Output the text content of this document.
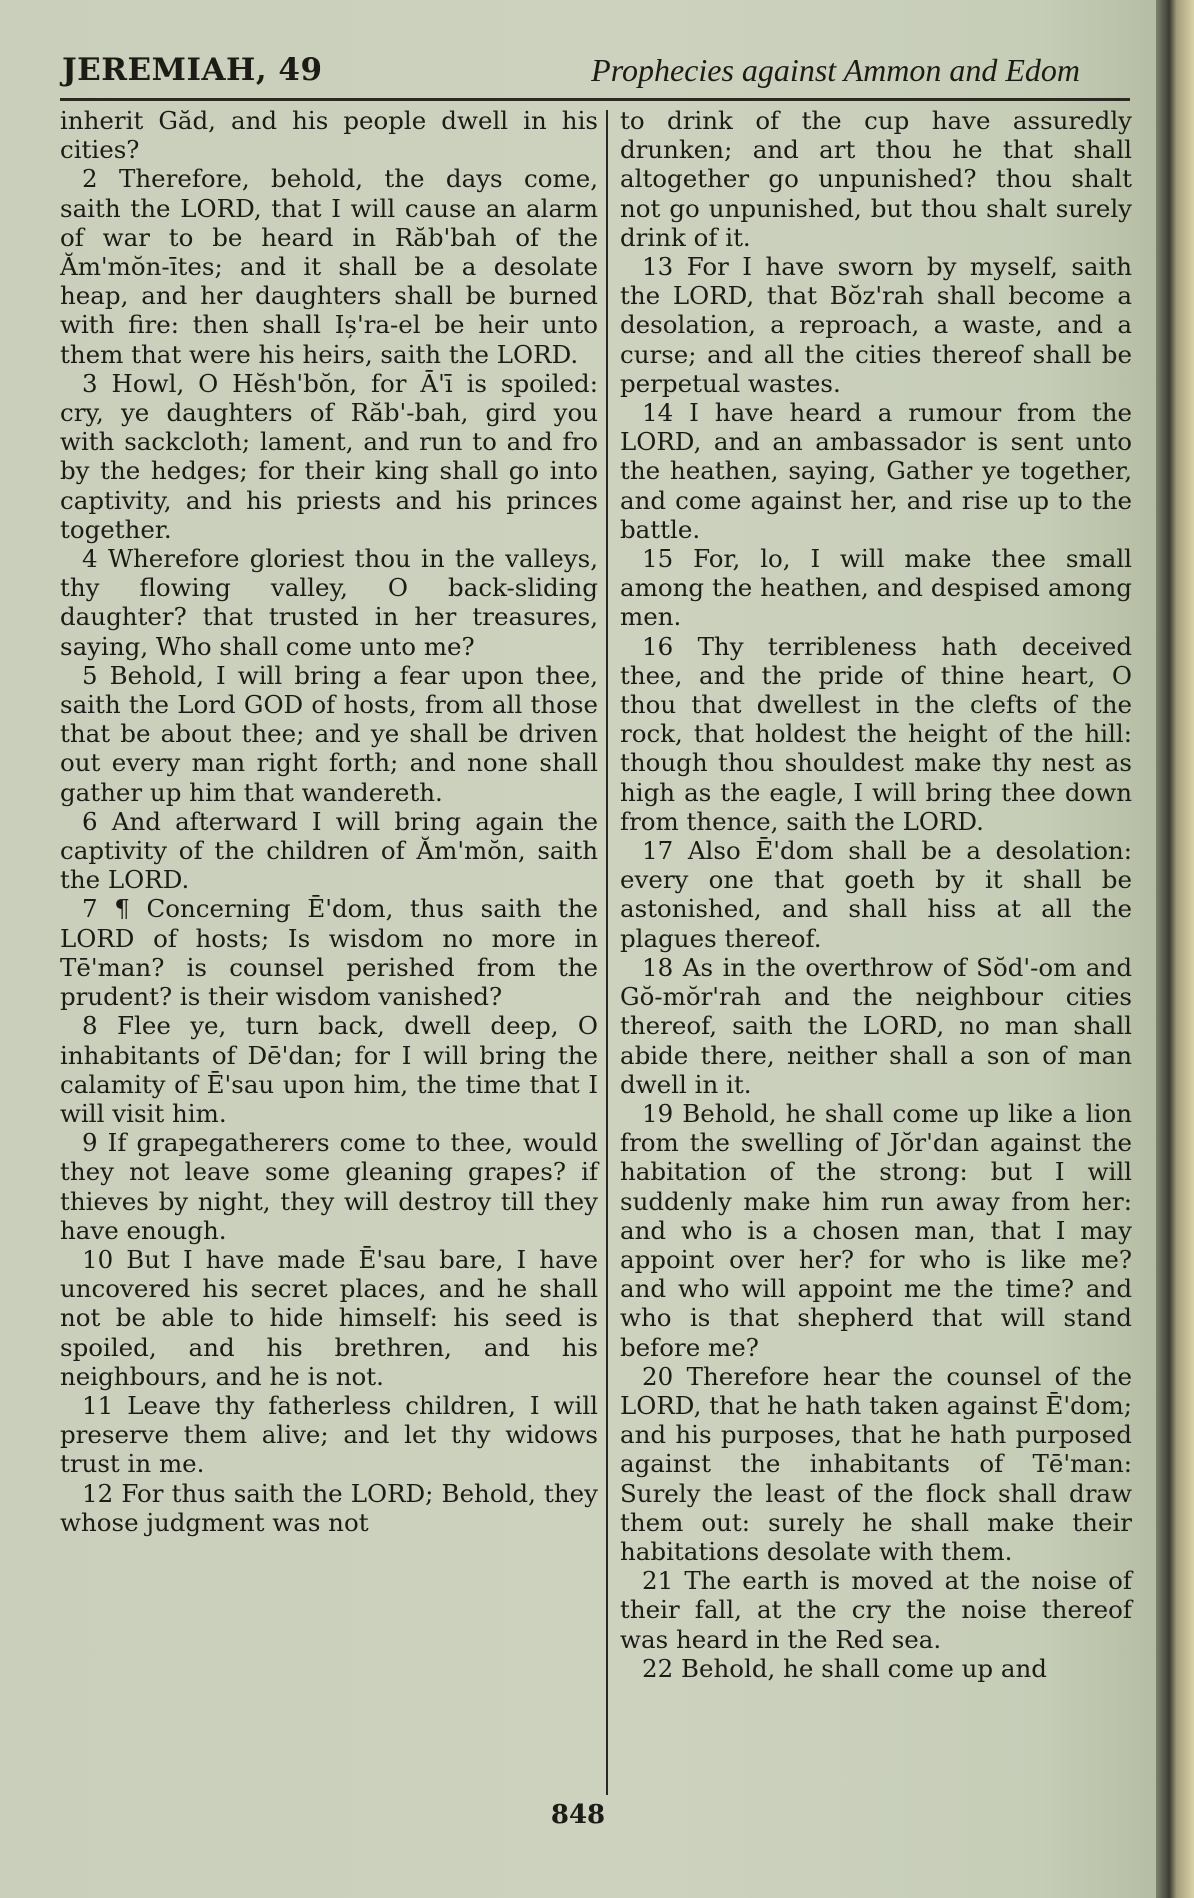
JEREMIAH, 49	Prophecies against Ammon and Edom

inherit Găd, and his people dwell in his cities?

2 Therefore, behold, the days come, saith the LORD, that I will cause an alarm of war to be heard in Răb'bah of the Ăm'mŏn-ītes; and it shall be a desolate heap, and her daughters shall be burned with fire: then shall Iș'ra-el be heir unto them that were his heirs, saith the LORD.

3 Howl, O Hĕsh'bŏn, for Ā'ī is spoiled: cry, ye daughters of Răb'-bah, gird you with sackcloth; lament, and run to and fro by the hedges; for their king shall go into captivity, and his priests and his princes together.

4 Wherefore gloriest thou in the valleys, thy flowing valley, O back-sliding daughter? that trusted in her treasures, saying, Who shall come unto me?

5 Behold, I will bring a fear upon thee, saith the Lord GOD of hosts, from all those that be about thee; and ye shall be driven out every man right forth; and none shall gather up him that wandereth.

6 And afterward I will bring again the captivity of the children of Ăm'mŏn, saith the LORD.

7 ¶ Concerning Ē'dom, thus saith the LORD of hosts; Is wisdom no more in Tē'man? is counsel perished from the prudent? is their wisdom vanished?

8 Flee ye, turn back, dwell deep, O inhabitants of Dē'dan; for I will bring the calamity of Ē'sau upon him, the time that I will visit him.

9 If grapegatherers come to thee, would they not leave some gleaning grapes? if thieves by night, they will destroy till they have enough.

10 But I have made Ē'sau bare, I have uncovered his secret places, and he shall not be able to hide himself: his seed is spoiled, and his brethren, and his neighbours, and he is not.

11 Leave thy fatherless children, I will preserve them alive; and let thy widows trust in me.

12 For thus saith the LORD; Behold, they whose judgment was not

to drink of the cup have assuredly drunken; and art thou he that shall altogether go unpunished? thou shalt not go unpunished, but thou shalt surely drink of it.

13 For I have sworn by myself, saith the LORD, that Bŏz'rah shall become a desolation, a reproach, a waste, and a curse; and all the cities thereof shall be perpetual wastes.

14 I have heard a rumour from the LORD, and an ambassador is sent unto the heathen, saying, Gather ye together, and come against her, and rise up to the battle.

15 For, lo, I will make thee small among the heathen, and despised among men.

16 Thy terribleness hath deceived thee, and the pride of thine heart, O thou that dwellest in the clefts of the rock, that holdest the height of the hill: though thou shouldest make thy nest as high as the eagle, I will bring thee down from thence, saith the LORD.

17 Also Ē'dom shall be a desolation: every one that goeth by it shall be astonished, and shall hiss at all the plagues thereof.

18 As in the overthrow of Sŏd'-om and Gŏ-mŏr'rah and the neighbour cities thereof, saith the LORD, no man shall abide there, neither shall a son of man dwell in it.

19 Behold, he shall come up like a lion from the swelling of Jŏr'dan against the habitation of the strong: but I will suddenly make him run away from her: and who is a chosen man, that I may appoint over her? for who is like me? and who will appoint me the time? and who is that shepherd that will stand before me?

20 Therefore hear the counsel of the LORD, that he hath taken against Ē'dom; and his purposes, that he hath purposed against the inhabitants of Tē'man: Surely the least of the flock shall draw them out: surely he shall make their habitations desolate with them.

21 The earth is moved at the noise of their fall, at the cry the noise thereof was heard in the Red sea.

22 Behold, he shall come up and

848
